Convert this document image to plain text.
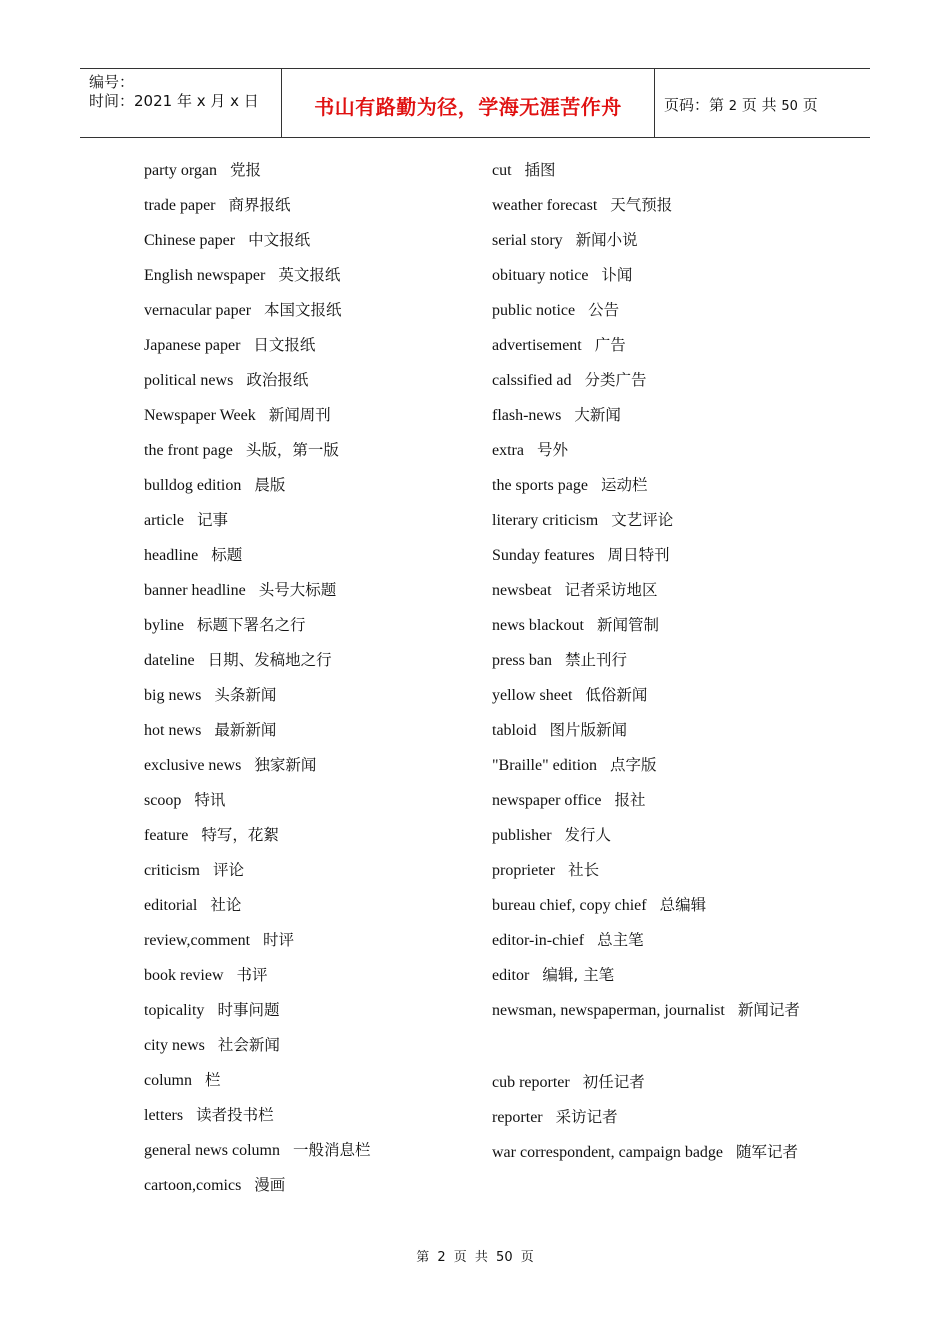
编号：
时间：2021 年 x 月 x 日	书山有路勤为径，学海无涯苦作舟	页码：第 2 页 共 50 页
party organ 党报
trade paper 商界报纸
Chinese paper 中文报纸
English newspaper 英文报纸
vernacular paper 本国文报纸
Japanese paper 日文报纸
political news 政治报纸
Newspaper Week 新闻周刊
the front page 头版，第一版
bulldog edition 晨版
article 记事
headline 标题
banner headline 头号大标题
byline 标题下署名之行
dateline 日期、发稿地之行
big news 头条新闻
hot news 最新新闻
exclusive news 独家新闻
scoop 特讯
feature 特写，花絮
criticism 评论
editorial 社论
review,comment 时评
book review 书评
topicality 时事问题
city news 社会新闻
column 栏
letters 读者投书栏
general news column 一般消息栏
cartoon,comics 漫画
cut 插图
weather forecast 天气预报
serial story 新闻小说
obituary notice 讣闻
public notice 公告
advertisement 广告
calssified ad 分类广告
flash-news 大新闻
extra 号外
the sports page 运动栏
literary criticism 文艺评论
Sunday features 周日特刊
newsbeat 记者采访地区
news blackout 新闻管制
press ban 禁止刊行
yellow sheet 低俗新闻
tabloid 图片版新闻
"Braille" edition 点字版
newspaper office 报社
publisher 发行人
proprieter 社长
bureau chief, copy chief 总编辑
editor-in-chief 总主笔
editor 编辑, 主笔
newsman, newspaperman, journalist 新闻记者
cub reporter 初任记者
reporter 采访记者
war correspondent, campaign badge 随军记者
第 2 页 共 50 页
